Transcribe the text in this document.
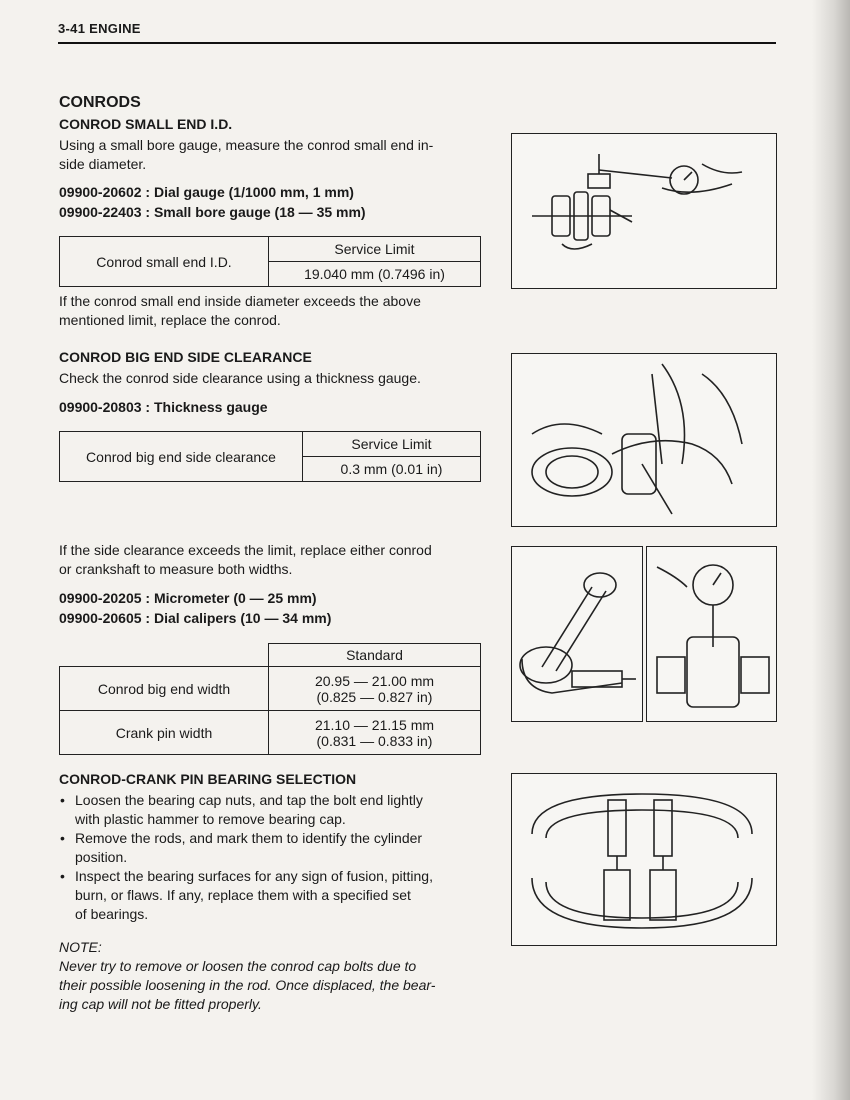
3-41 ENGINE
CONRODS
CONROD SMALL END I.D.
Using a small bore gauge, measure the conrod small end in-
side diameter.
09900-20602 : Dial gauge (1/1000 mm, 1 mm)
09900-22403 : Small bore gauge (18 — 35 mm)
Conrod small end I.D.	Service Limit
19.040 mm (0.7496 in)
If the conrod small end inside diameter exceeds the above
mentioned limit, replace the conrod.
CONROD BIG END SIDE CLEARANCE
Check the conrod side clearance using a thickness gauge.
09900-20803 : Thickness gauge
Conrod big end side clearance	Service Limit
0.3 mm (0.01 in)
If the side clearance exceeds the limit, replace either conrod
or crankshaft to measure both widths.
09900-20205 : Micrometer (0 — 25 mm)
09900-20605 : Dial calipers (10 — 34 mm)
	Standard
Conrod big end width	20.95 — 21.00 mm
(0.825 — 0.827 in)

Crank pin width	21.10 — 21.15 mm
(0.831 — 0.833 in)
CONROD-CRANK PIN BEARING SELECTION
• Loosen the bearing cap nuts, and tap the bolt end lightly
with plastic hammer to remove bearing cap.
• Remove the rods, and mark them to identify the cylinder
position.
• Inspect the bearing surfaces for any sign of fusion, pitting,
burn, or flaws. If any, replace them with a specified set
of bearings.
NOTE:
Never try to remove or loosen the conrod cap bolts due to
their possible loosening in the rod. Once displaced, the bear-
ing cap will not be fitted properly.
